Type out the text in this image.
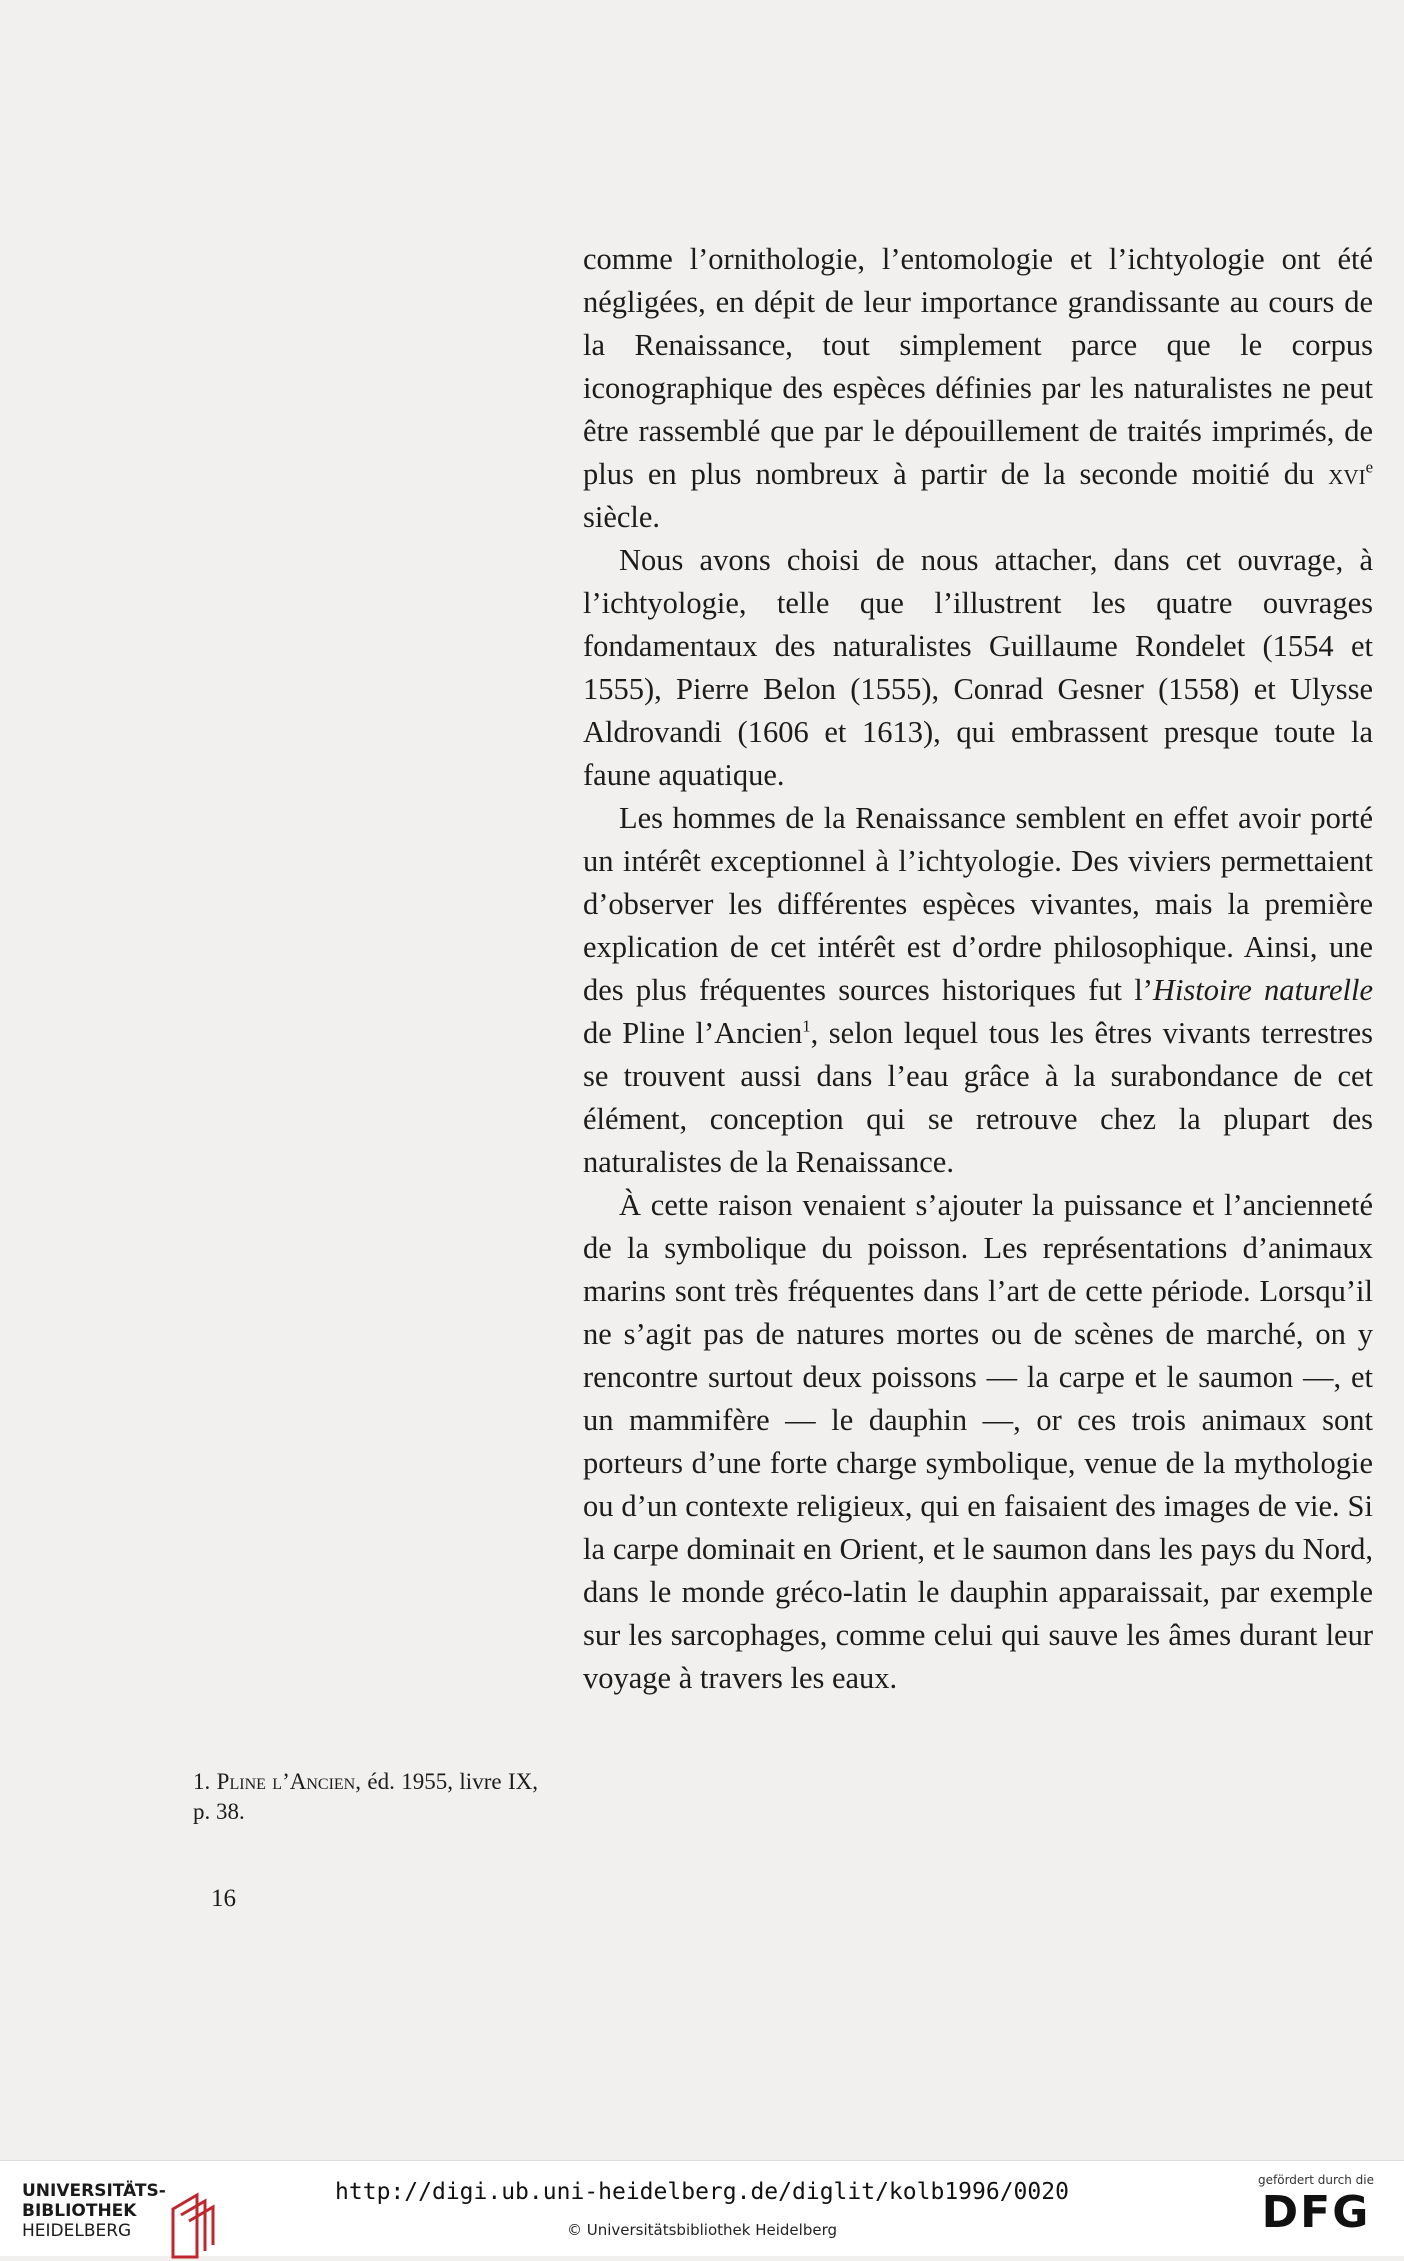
comme l’ornithologie, l’entomologie et l’ichtyologie ont été négligées, en dépit de leur importance grandissante au cours de la Renaissance, tout simplement parce que le corpus iconographique des espèces définies par les naturalistes ne peut être rassemblé que par le dépouillement de traités imprimés, de plus en plus nombreux à partir de la seconde moitié du xvi$^e$ siècle.

Nous avons choisi de nous attacher, dans cet ouvrage, à l’ichtyologie, telle que l’illustrent les quatre ouvrages fondamentaux des naturalistes Guillaume Rondelet (1554 et 1555), Pierre Belon (1555), Conrad Gesner (1558) et Ulysse Aldrovandi (1606 et 1613), qui embrassent presque toute la faune aquatique.

Les hommes de la Renaissance semblent en effet avoir porté un intérêt exceptionnel à l’ichtyologie. Des viviers permettaient d’observer les différentes espèces vivantes, mais la première explication de cet intérêt est d’ordre philosophique. Ainsi, une des plus fréquentes sources historiques fut l’Histoire naturelle de Pline l’Ancien$^1$, selon lequel tous les êtres vivants terrestres se trouvent aussi dans l’eau grâce à la surabondance de cet élément, conception qui se retrouve chez la plupart des naturalistes de la Renaissance.

À cette raison venaient s’ajouter la puissance et l’ancienneté de la symbolique du poisson. Les représentations d’animaux marins sont très fréquentes dans l’art de cette période. Lorsqu’il ne s’agit pas de natures mortes ou de scènes de marché, on y rencontre surtout deux poissons — la carpe et le saumon —, et un mammifère — le dauphin —, or ces trois animaux sont porteurs d’une forte charge symbolique, venue de la mythologie ou d’un contexte religieux, qui en faisaient des images de vie. Si la carpe dominait en Orient, et le saumon dans les pays du Nord, dans le monde gréco-latin le dauphin apparaissait, par exemple sur les sarcophages, comme celui qui sauve les âmes durant leur voyage à travers les eaux.

1. Pline l’Ancien, éd. 1955, livre IX, p. 38.
16
UNIVERSITÄTS-
BIBLIOTHEK
HEIDELBERG
http://digi.ub.uni-heidelberg.de/diglit/kolb1996/0020
© Universitätsbibliothek Heidelberg
gefördert durch die
DFG
